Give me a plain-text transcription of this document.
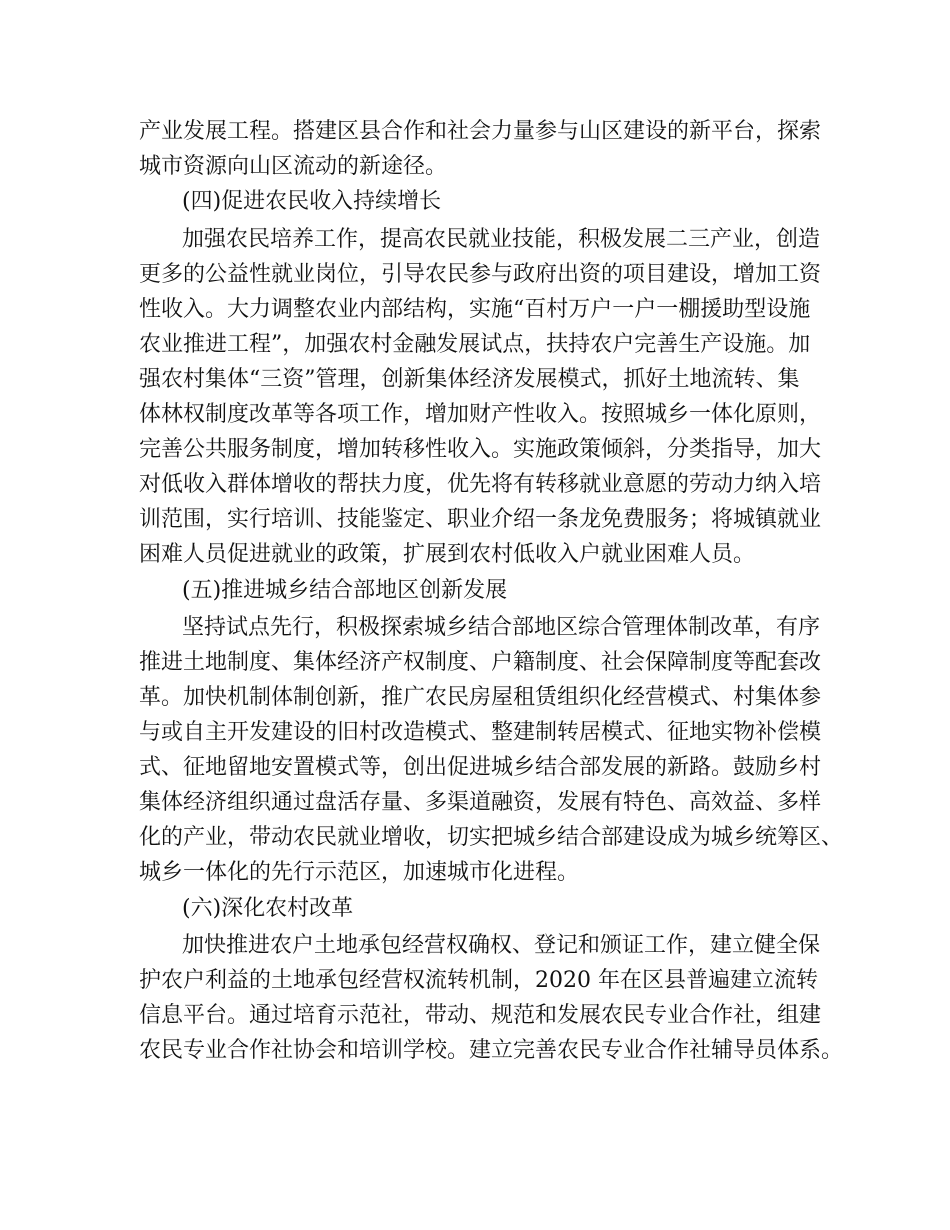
产业发展工程。搭建区县合作和社会力量参与山区建设的新平台，探索
城市资源向山区流动的新途径。
(四)促进农民收入持续增长
加强农民培养工作，提高农民就业技能，积极发展二三产业，创造
更多的公益性就业岗位，引导农民参与政府出资的项目建设，增加工资
性收入。大力调整农业内部结构，实施“百村万户一户一棚援助型设施
农业推进工程”，加强农村金融发展试点，扶持农户完善生产设施。加
强农村集体“三资”管理，创新集体经济发展模式，抓好土地流转、集
体林权制度改革等各项工作，增加财产性收入。按照城乡一体化原则，
完善公共服务制度，增加转移性收入。实施政策倾斜，分类指导，加大
对低收入群体增收的帮扶力度，优先将有转移就业意愿的劳动力纳入培
训范围，实行培训、技能鉴定、职业介绍一条龙免费服务；将城镇就业
困难人员促进就业的政策，扩展到农村低收入户就业困难人员。
(五)推进城乡结合部地区创新发展
坚持试点先行，积极探索城乡结合部地区综合管理体制改革，有序
推进土地制度、集体经济产权制度、户籍制度、社会保障制度等配套改
革。加快机制体制创新，推广农民房屋租赁组织化经营模式、村集体参
与或自主开发建设的旧村改造模式、整建制转居模式、征地实物补偿模
式、征地留地安置模式等，创出促进城乡结合部发展的新路。鼓励乡村
集体经济组织通过盘活存量、多渠道融资，发展有特色、高效益、多样
化的产业，带动农民就业增收，切实把城乡结合部建设成为城乡统筹区、
城乡一体化的先行示范区，加速城市化进程。
(六)深化农村改革
加快推进农户土地承包经营权确权、登记和颁证工作，建立健全保
护农户利益的土地承包经营权流转机制，2020 年在区县普遍建立流转
信息平台。通过培育示范社，带动、规范和发展农民专业合作社，组建
农民专业合作社协会和培训学校。建立完善农民专业合作社辅导员体系。
